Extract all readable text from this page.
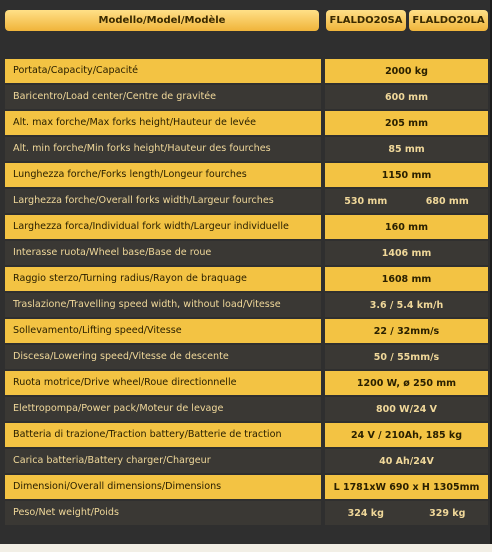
Modello/Model/Modèle	FLALDO20SA FLALDO20LA
Portata/Capacity/Capacité	2000 kg
Baricentro/Load center/Centre de gravitée	600 mm
Alt. max forche/Max forks height/Hauteur de levée	205 mm
Alt. min forche/Min forks height/Hauteur des fourches	85 mm
Lunghezza forche/Forks length/Longeur fourches	1150 mm
Larghezza forche/Overall forks width/Largeur fourches	530 mm	680 mm
Larghezza forca/Individual fork width/Largeur individuelle	160 mm
Interasse ruota/Wheel base/Base de roue	1406 mm
Raggio sterzo/Turning radius/Rayon de braquage	1608 mm
Traslazione/Travelling speed width, without load/Vitesse	3.6 / 5.4 km/h
Sollevamento/Lifting speed/Vitesse	22 / 32mm/s
Discesa/Lowering speed/Vitesse de descente	50 / 55mm/s
Ruota motrice/Drive wheel/Roue directionnelle	1200 W, ø 250 mm
Elettropompa/Power pack/Moteur de levage	800 W/24 V
Batteria di trazione/Traction battery/Batterie de traction	24 V / 210Ah, 185 kg
Carica batteria/Battery charger/Chargeur	40 Ah/24V
Dimensioni/Overall dimensions/Dimensions	L 1781xW 690 x H 1305mm
Peso/Net weight/Poids	324 kg	329 kg
